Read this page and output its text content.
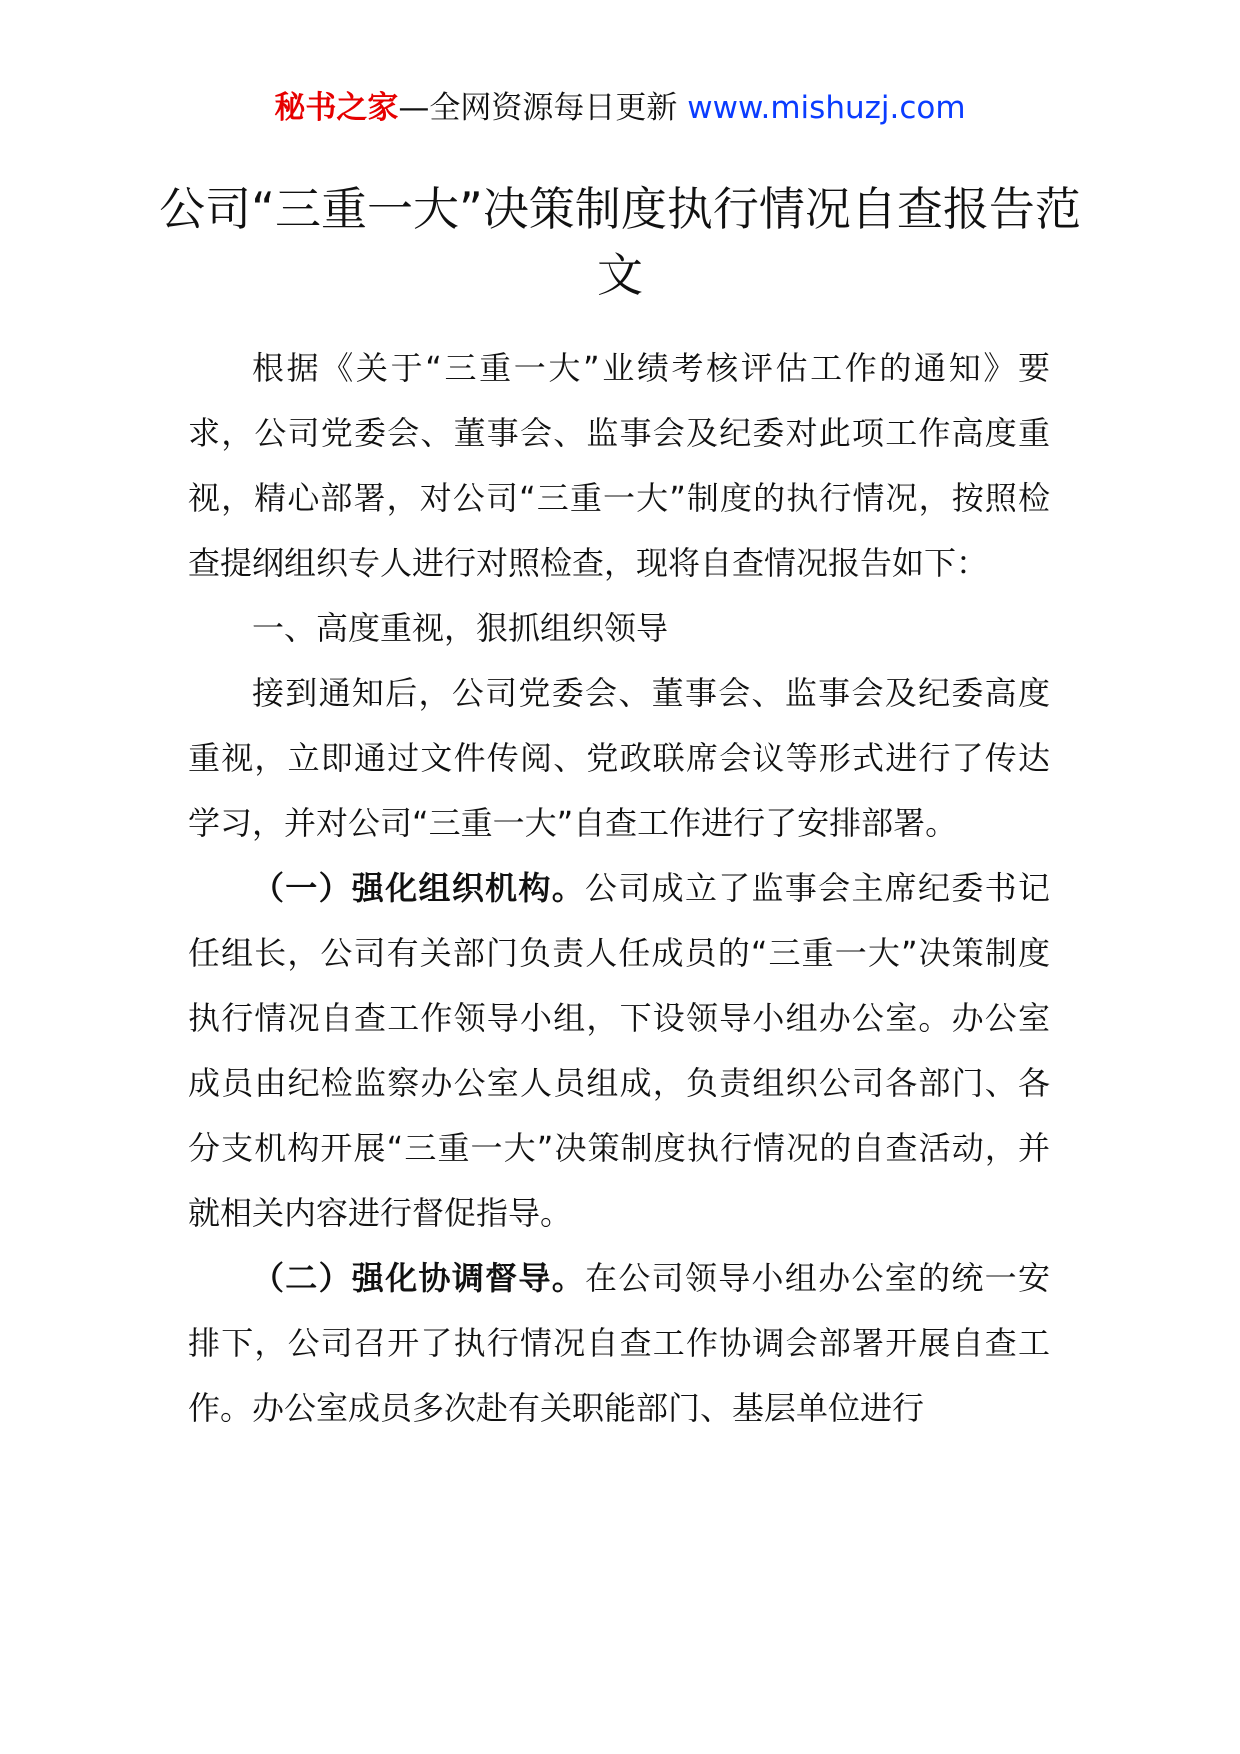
秘书之家—全网资源每日更新 www.mishuzj.com
公司“三重一大”决策制度执行情况自查报告范文

根据《关于“三重一大”业绩考核评估工作的通知》要求，公司党委会、董事会、监事会及纪委对此项工作高度重视，精心部署，对公司“三重一大”制度的执行情况，按照检查提纲组织专人进行对照检查，现将自查情况报告如下：

一、高度重视，狠抓组织领导

接到通知后，公司党委会、董事会、监事会及纪委高度重视，立即通过文件传阅、党政联席会议等形式进行了传达学习，并对公司“三重一大”自查工作进行了安排部署。

（一）强化组织机构。公司成立了监事会主席纪委书记任组长，公司有关部门负责人任成员的“三重一大”决策制度执行情况自查工作领导小组，下设领导小组办公室。办公室成员由纪检监察办公室人员组成，负责组织公司各部门、各分支机构开展“三重一大”决策制度执行情况的自查活动，并就相关内容进行督促指导。

（二）强化协调督导。在公司领导小组办公室的统一安排下，公司召开了执行情况自查工作协调会部署开展自查工作。办公室成员多次赴有关职能部门、基层单位进行
